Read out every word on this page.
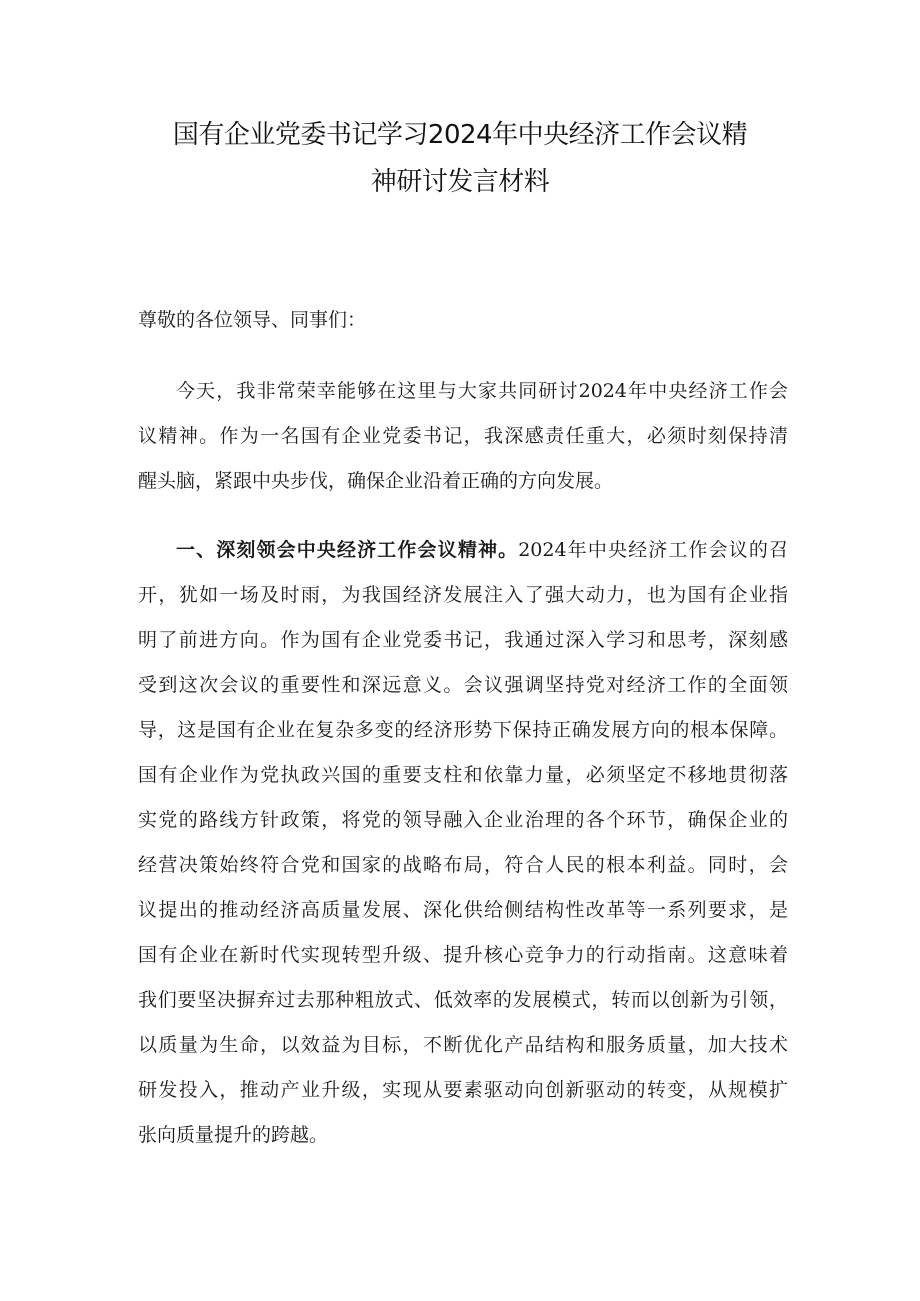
国有企业党委书记学习2024年中央经济工作会议精
神研讨发言材料
尊敬的各位领导、同事们：
今天，我非常荣幸能够在这里与大家共同研讨2024年中央经济工作会
议精神。作为一名国有企业党委书记，我深感责任重大，必须时刻保持清
醒头脑，紧跟中央步伐，确保企业沿着正确的方向发展。
一、深刻领会中央经济工作会议精神。2024年中央经济工作会议的召
开，犹如一场及时雨，为我国经济发展注入了强大动力，也为国有企业指
明了前进方向。作为国有企业党委书记，我通过深入学习和思考，深刻感
受到这次会议的重要性和深远意义。会议强调坚持党对经济工作的全面领
导，这是国有企业在复杂多变的经济形势下保持正确发展方向的根本保障。
国有企业作为党执政兴国的重要支柱和依靠力量，必须坚定不移地贯彻落
实党的路线方针政策，将党的领导融入企业治理的各个环节，确保企业的
经营决策始终符合党和国家的战略布局，符合人民的根本利益。同时，会
议提出的推动经济高质量发展、深化供给侧结构性改革等一系列要求，是
国有企业在新时代实现转型升级、提升核心竞争力的行动指南。这意味着
我们要坚决摒弃过去那种粗放式、低效率的发展模式，转而以创新为引领，
以质量为生命，以效益为目标，不断优化产品结构和服务质量，加大技术
研发投入，推动产业升级，实现从要素驱动向创新驱动的转变，从规模扩
张向质量提升的跨越。
